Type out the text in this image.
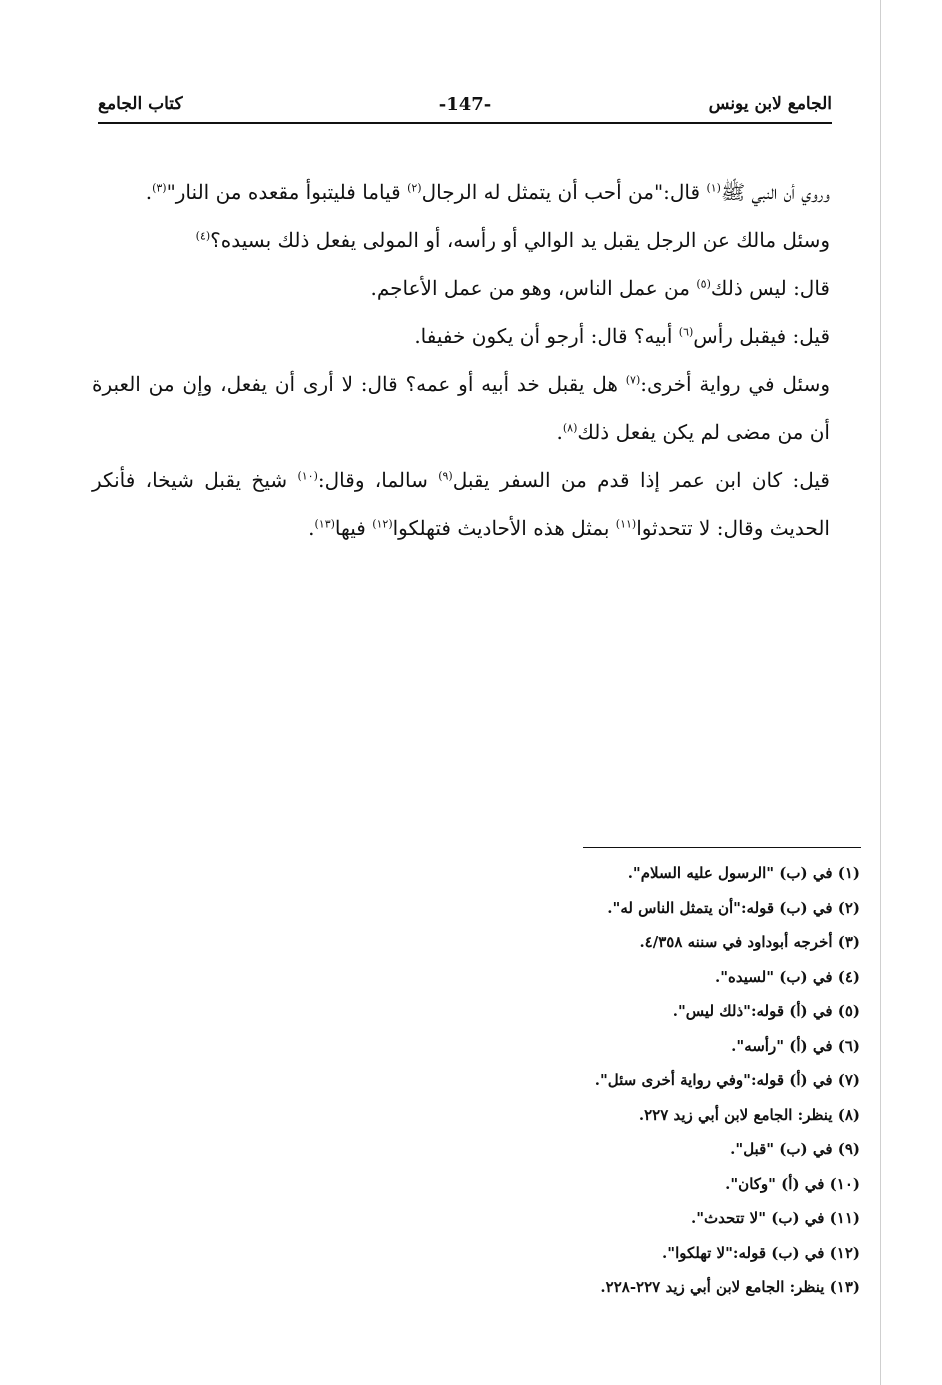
الجامع لابن يونس
-147-
كتاب الجامع

وروي أن النبي ﷺ$^{(١)}$ قال:"من أحب أن يتمثل له الرجال$^{(٢)}$ قياما فليتبوأ مقعده من النار"$^{(٣)}$.

وسئل مالك عن الرجل يقبل يد الوالي أو رأسه، أو المولى يفعل ذلك بسيده؟$^{(٤)}$

قال: ليس ذلك$^{(٥)}$ من عمل الناس، وهو من عمل الأعاجم.

قيل: فيقبل رأس$^{(٦)}$ أبيه؟ قال: أرجو أن يكون خفيفا.

وسئل في رواية أخرى:$^{(٧)}$ هل يقبل خد أبيه أو عمه؟ قال: لا أرى أن يفعل، وإن من العبرة أن من مضى لم يكن يفعل ذلك$^{(٨)}$.

قيل: كان ابن عمر إذا قدم من السفر يقبل$^{(٩)}$ سالما، وقال:$^{(١٠)}$ شيخ يقبل شيخا، فأنكر الحديث وقال: لا تتحدثوا$^{(١١)}$ بمثل هذه الأحاديث فتهلكوا$^{(١٢)}$ فيها$^{(١٣)}$.

(١) في (ب) "الرسول عليه السلام".
(٢) في (ب) قوله:"أن يتمثل الناس له".
(٣) أخرجه أبوداود في سننه ٤/٣٥٨.
(٤) في (ب) "لسيده".
(٥) في (أ) قوله:"ذلك ليس".
(٦) في (أ) "رأسه".
(٧) في (أ) قوله:"وفي رواية أخرى سئل".
(٨) ينظر: الجامع لابن أبي زيد ٢٢٧.
(٩) في (ب) "قبل".
(١٠) في (أ) "وكان".
(١١) في (ب) "لا تتحدث".
(١٢) في (ب) قوله:"لا تهلكوا".
(١٣) ينظر: الجامع لابن أبي زيد ٢٢٧-٢٢٨.
